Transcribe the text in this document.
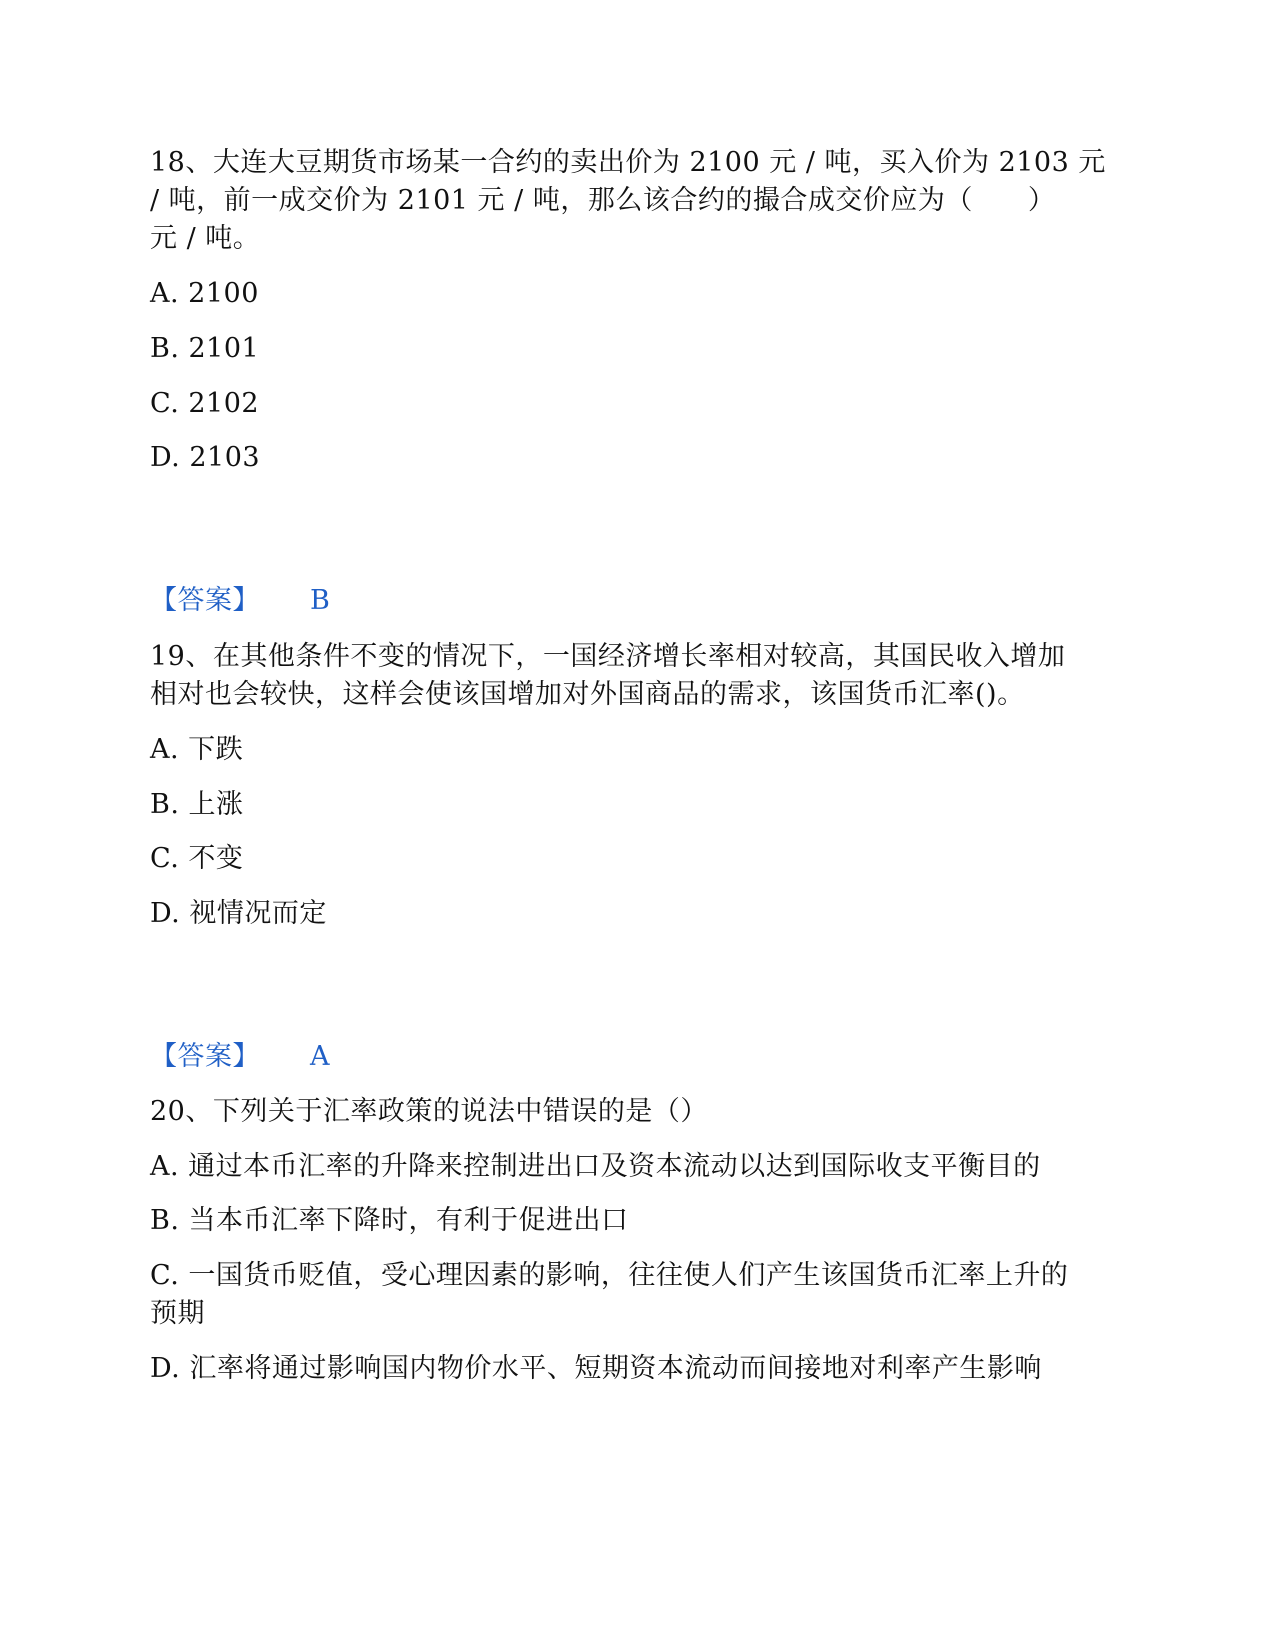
18、大连大豆期货市场某一合约的卖出价为 2100 元 / 吨，买入价为 2103 元
/ 吨，前一成交价为 2101 元 / 吨，那么该合约的撮合成交价应为（　　）
元 / 吨。
A. 2100
B. 2101
C. 2102
D. 2103
【答案】 B
19、在其他条件不变的情况下，一国经济增长率相对较高，其国民收入增加
相对也会较快，这样会使该国增加对外国商品的需求，该国货币汇率()。
A. 下跌
B. 上涨
C. 不变
D. 视情况而定
【答案】 A
20、下列关于汇率政策的说法中错误的是（）
A. 通过本币汇率的升降来控制进出口及资本流动以达到国际收支平衡目的
B. 当本币汇率下降时，有利于促进出口
C. 一国货币贬值，受心理因素的影响，往往使人们产生该国货币汇率上升的
预期
D. 汇率将通过影响国内物价水平、短期资本流动而间接地对利率产生影响
